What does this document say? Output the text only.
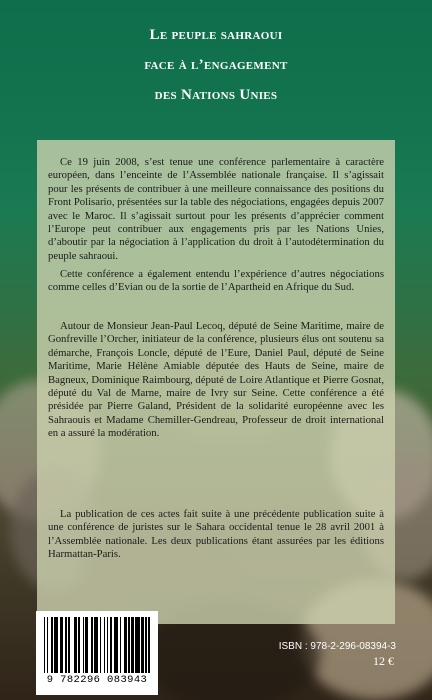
Le peuple sahraoui
face à l’engagement
des Nations Unies

Ce 19 juin 2008, s’est tenue une conférence parlementaire à caractère européen, dans l’enceinte de l’Assemblée nationale française. Il s’agissait pour les présents de contribuer à une meilleure connaissance des positions du Front Polisario, présentées sur la table des négociations, engagées depuis 2007 avec le Maroc. Il s’agissait surtout pour les présents d’apprécier comment l’Europe peut contribuer aux engagements pris par les Nations Unies, d’aboutir par la négociation à l’application du droit à l’autodétermination du peuple sahraoui.

Cette conférence a également entendu l’expérience d’autres négociations comme celles d’Evian ou de la sortie de l’Apartheid en Afrique du Sud.

Autour de Monsieur Jean-Paul Lecoq, député de Seine Maritime, maire de Gonfreville l’Orcher, initiateur de la conférence, plusieurs élus ont soutenu sa démarche, François Loncle, député de l’Eure, Daniel Paul, député de Seine Maritime, Marie Hélène Amiable députée des Hauts de Seine, maire de Bagneux, Dominique Raimbourg, député de Loire Atlantique et Pierre Gosnat, député du Val de Marne, maire de Ivry sur Seine. Cette conférence a été présidée par Pierre Galand, Président de la solidarité européenne avec les Sahraouis et Madame Chemiller-Gendreau, Professeur de droit international en a assuré la modération.

La publication de ces actes fait suite à une précédente publication suite à une conférence de juristes sur le Sahara occidental tenue le 28 avril 2001 à l’Assemblée nationale. Les deux publications étant assurées par les éditions Harmattan-Paris.

9 782296 083943
ISBN : 978-2-296-08394-3
12 €
